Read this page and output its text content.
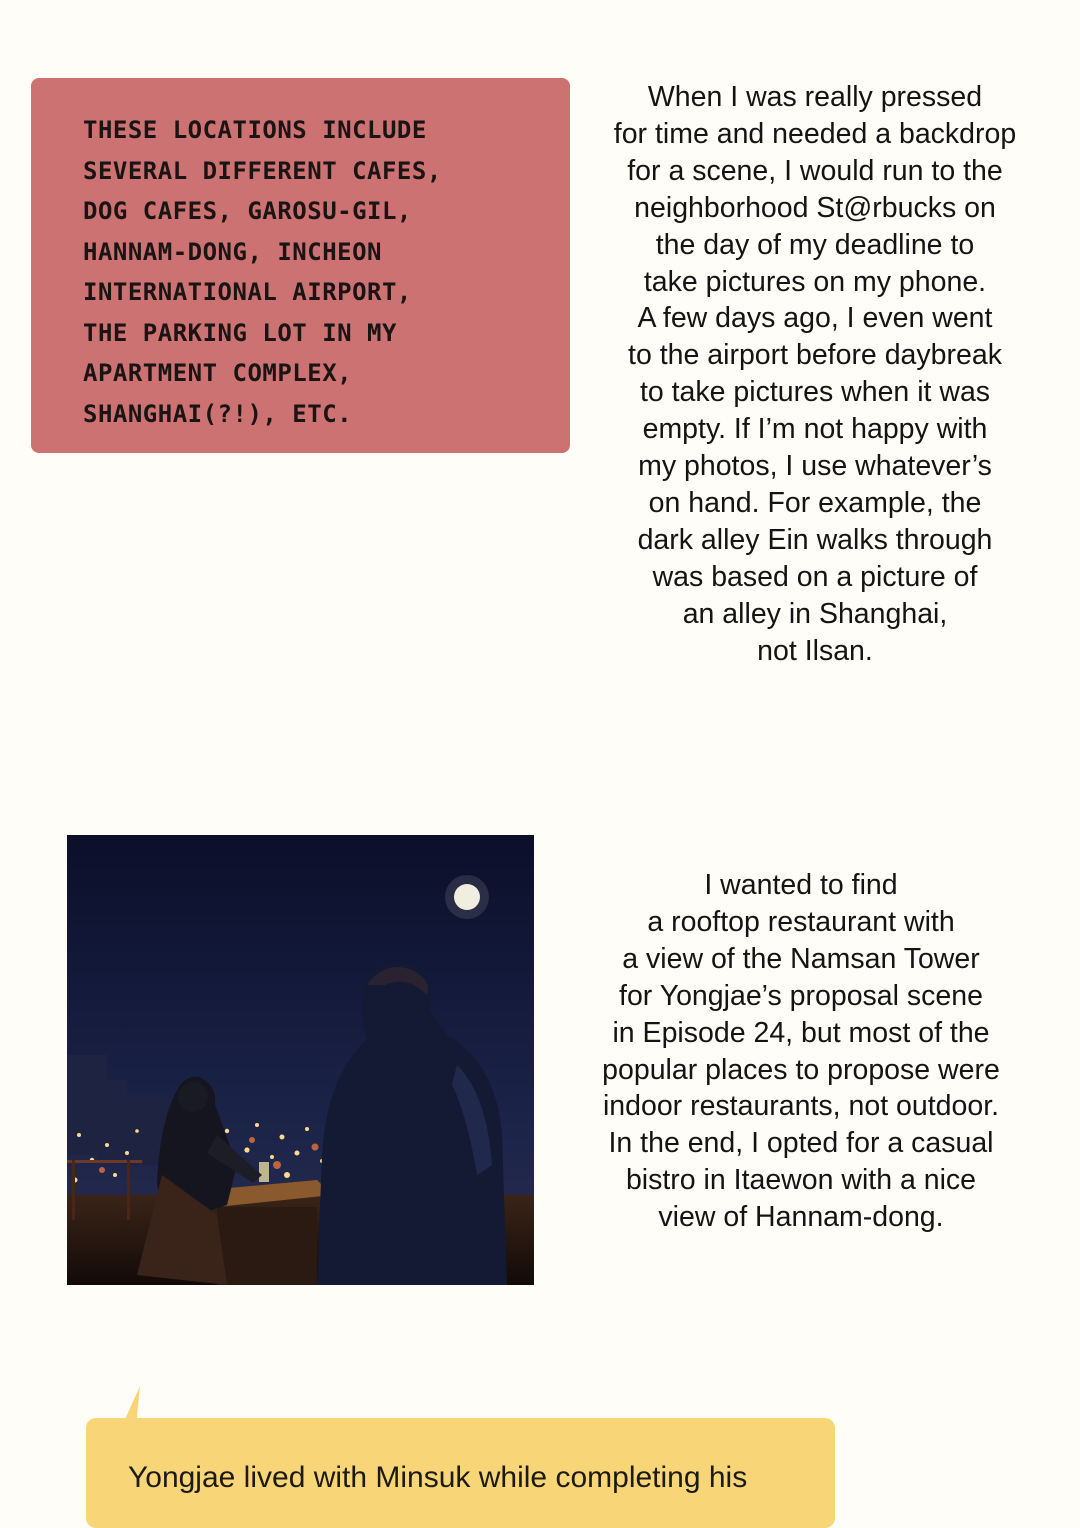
THESE LOCATIONS INCLUDE
SEVERAL DIFFERENT CAFES,
DOG CAFES, GAROSU-GIL,
HANNAM-DONG, INCHEON
INTERNATIONAL AIRPORT,
THE PARKING LOT IN MY
APARTMENT COMPLEX,
SHANGHAI(?!), ETC.

When I was really pressed
for time and needed a backdrop
for a scene, I would run to the
neighborhood St@rbucks on
the day of my deadline to
take pictures on my phone.
A few days ago, I even went
to the airport before daybreak
to take pictures when it was
empty. If I’m not happy with
my photos, I use whatever’s
on hand. For example, the
dark alley Ein walks through
was based on a picture of
an alley in Shanghai,
not Ilsan.

I wanted to find
a rooftop restaurant with
a view of the Namsan Tower
for Yongjae’s proposal scene
in Episode 24, but most of the
popular places to propose were
indoor restaurants, not outdoor.
In the end, I opted for a casual
bistro in Itaewon with a nice
view of Hannam-dong.

Yongjae lived with Minsuk while completing his
